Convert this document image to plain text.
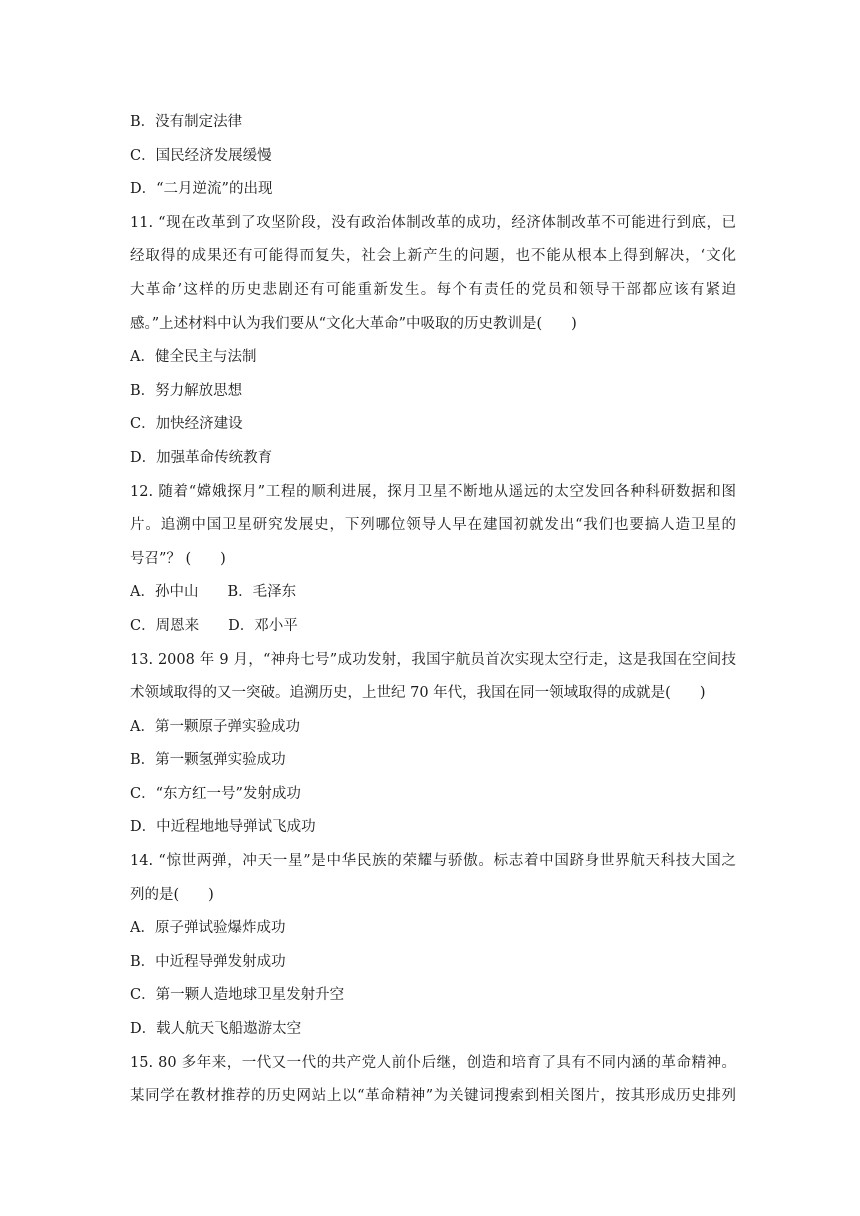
B．没有制定法律
C．国民经济发展缓慢
D．“二月逆流”的出现
11. “现在改革到了攻坚阶段，没有政治体制改革的成功，经济体制改革不可能进行到底，已
经取得的成果还有可能得而复失，社会上新产生的问题，也不能从根本上得到解决，‘文化
大革命’这样的历史悲剧还有可能重新发生。每个有责任的党员和领导干部都应该有紧迫
感。”上述材料中认为我们要从“文化大革命”中吸取的历史教训是(　　)
A．健全民主与法制
B．努力解放思想
C．加快经济建设
D．加强革命传统教育
12. 随着“嫦娥探月”工程的顺利进展，探月卫星不断地从遥远的太空发回各种科研数据和图
片。追溯中国卫星研究发展史，下列哪位领导人早在建国初就发出“我们也要搞人造卫星的
号召”？ (　　)
A．孙中山　　B．毛泽东
C．周恩来　　D．邓小平
13. 2008 年 9 月，“神舟七号”成功发射，我国宇航员首次实现太空行走，这是我国在空间技
术领域取得的又一突破。追溯历史，上世纪 70 年代，我国在同一领域取得的成就是(　　)
A．第一颗原子弹实验成功
B．第一颗氢弹实验成功
C．“东方红一号”发射成功
D．中近程地地导弹试飞成功
14. “惊世两弹，冲天一星”是中华民族的荣耀与骄傲。标志着中国跻身世界航天科技大国之
列的是(　　)
A．原子弹试验爆炸成功
B．中近程导弹发射成功
C．第一颗人造地球卫星发射升空
D．载人航天飞船遨游太空
15. 80 多年来，一代又一代的共产党人前仆后继，创造和培育了具有不同内涵的革命精神。
某同学在教材推荐的历史网站上以“革命精神”为关键词搜索到相关图片，按其形成历史排列
